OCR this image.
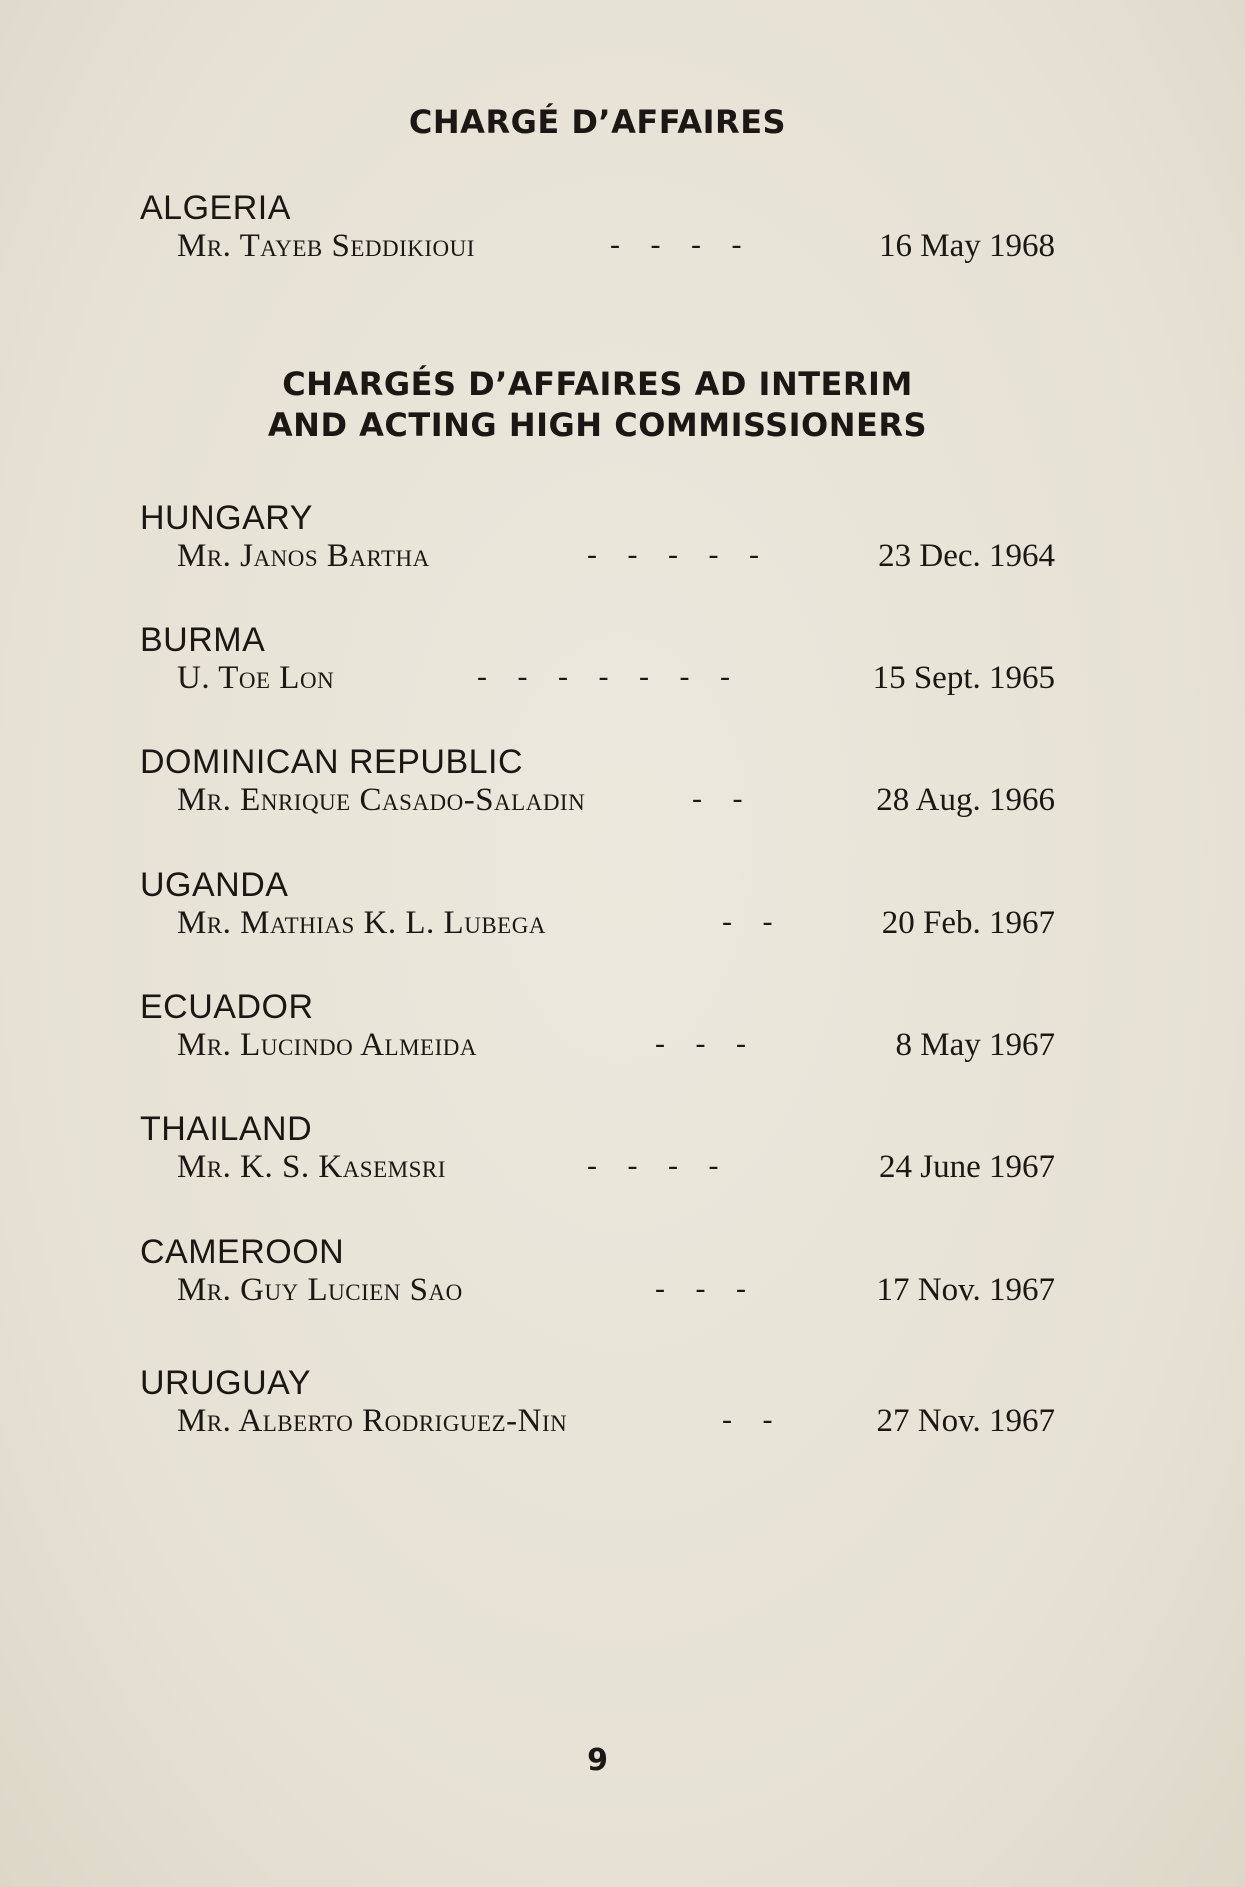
CHARGÉ D’AFFAIRES
ALGERIA
Mr. Tayeb Seddikioui	-   -   -   -	16 May 1968
CHARGÉS D’AFFAIRES AD INTERIM
AND ACTING HIGH COMMISSIONERS
HUNGARY
Mr. Janos Bartha	-   -   -   -   -	23 Dec. 1964
BURMA
U. Toe Lon	-   -   -   -   -   -   -	15 Sept. 1965
DOMINICAN REPUBLIC
Mr. Enrique Casado-Saladin	-   -	28 Aug. 1966
UGANDA
Mr. Mathias K. L. Lubega	-   -	20 Feb. 1967
ECUADOR
Mr. Lucindo Almeida	-   -   -	8 May 1967
THAILAND
Mr. K. S. Kasemsri	-   -   -   -	24 June 1967
CAMEROON
Mr. Guy Lucien Sao	-   -   -	17 Nov. 1967
URUGUAY
Mr. Alberto Rodriguez-Nin	-   -	27 Nov. 1967
9
